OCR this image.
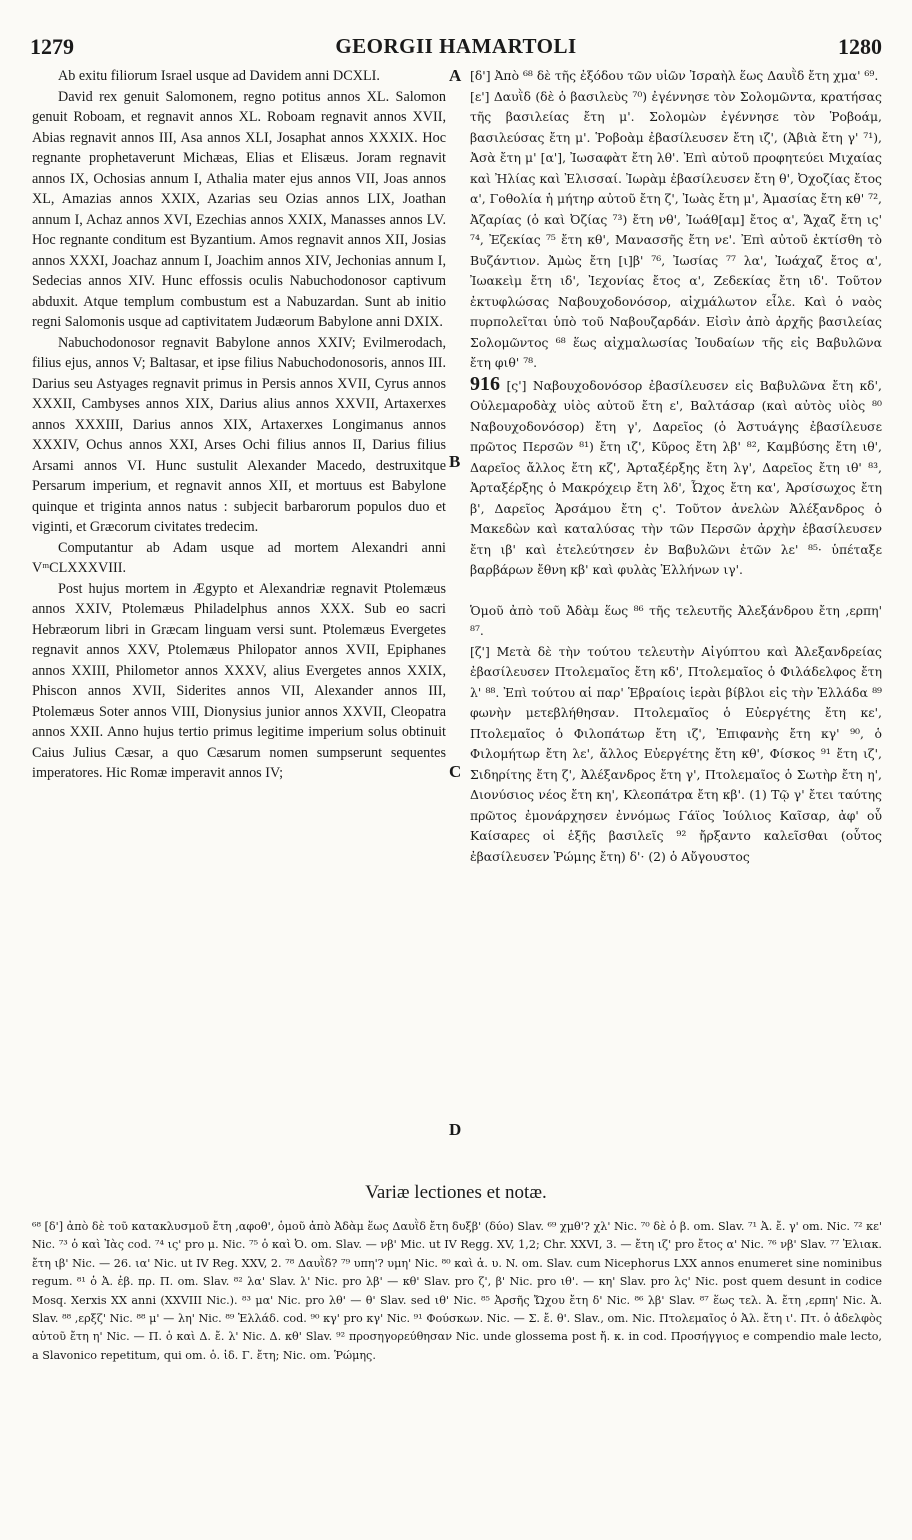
1279	GEORGII HAMARTOLI	1280

Ab exitu filiorum Israel usque ad Davidem anni DCXLI.

David rex genuit Salomonem, regno potitus annos XL. Salomon genuit Roboam, et regnavit annos XL. Roboam regnavit annos XVII, Abias regnavit annos III, Asa annos XLI, Josaphat annos XXXIX. Hoc regnante prophetaverunt Michæas, Elias et Elisæus. Joram regnavit annos IX, Ochosias annum I, Athalia mater ejus annos VII, Joas annos XL, Amazias annos XXIX, Azarias seu Ozias annos LIX, Joathan annum I, Achaz annos XVI, Ezechias annos XXIX, Manasses annos LV. Hoc regnante conditum est Byzantium. Amos regnavit annos XII, Josias annos XXXI, Joachaz annum I, Joachim annos XIV, Jechonias annum I, Sedecias annos XIV. Hunc effossis oculis Nabuchodonosor captivum abduxit. Atque templum combustum est a Nabuzardan. Sunt ab initio regni Salomonis usque ad captivitatem Judæorum Babylone anni DXIX.

Nabuchodonosor regnavit Babylone annos XXIV; Evilmerodach, filius ejus, annos V; Baltasar, et ipse filius Nabuchodonosoris, annos III. Darius seu Astyages regnavit primus in Persis annos XVII, Cyrus annos XXXII, Cambyses annos XIX, Darius alius annos XXVII, Artaxerxes annos XXXIII, Darius annos XIX, Artaxerxes Longimanus annos XXXIV, Ochus annos XXI, Arses Ochi filius annos II, Darius filius Arsami annos VI. Hunc sustulit Alexander Macedo, destruxitque Persarum imperium, et regnavit annos XII, et mortuus est Babylone quinque et triginta annos natus : subjecit barbarorum populos duo et viginti, et Græcorum civitates tredecim.

Computantur ab Adam usque ad mortem Alexandri anni VᵐCLXXXVIII.

Post hujus mortem in Ægypto et Alexandriæ regnavit Ptolemæus annos XXIV, Ptolemæus Philadelphus annos XXX. Sub eo sacri Hebræorum libri in Græcam linguam versi sunt. Ptolemæus Evergetes regnavit annos XXV, Ptolemæus Philopator annos XVII, Epiphanes annos XXIII, Philometor annos XXXV, alius Evergetes annos XXIX, Phiscon annos XVII, Siderites annos VII, Alexander annos III, Ptolemæus Soter annos VIII, Dionysius junior annos XXVII, Cleopatra annos XXII. Anno hujus tertio primus legitime imperium solus obtinuit Caius Julius Cæsar, a quo Cæsarum nomen sumpserunt sequentes imperatores. Hic Romæ imperavit annos IV;

A
B
C
D

[δ'] Ἀπὸ ⁶⁸ δὲ τῆς ἐξόδου τῶν υἱῶν Ἰσραὴλ ἕως Δαυῒδ ἔτη χμα' ⁶⁹.

[ε'] Δαυῒδ (δὲ ὁ βασιλεὺς ⁷⁰) ἐγέννησε τὸν Σολομῶντα, κρατήσας τῆς βασιλείας ἔτη μ'. Σολομὼν ἐγέννησε τὸν Ῥοβοάμ, βασιλεύσας ἔτη μ'. Ῥοβοὰμ ἐβασίλευσεν ἔτη ιζ', (Ἀβιὰ ἔτη γ' ⁷¹), Ἀσὰ ἔτη μ' [α'], Ἰωσαφὰτ ἔτη λθ'. Ἐπὶ αὐτοῦ προφητεύει Μιχαίας καὶ Ἠλίας καὶ Ἐλισσαί. Ἰωρὰμ ἐβασίλευσεν ἔτη θ', Ὀχοζίας ἔτος α', Γοθολία ἡ μήτηρ αὐτοῦ ἔτη ζ', Ἰωὰς ἔτη μ', Ἀμασίας ἔτη κθ' ⁷², Ἀζαρίας (ὁ καὶ Ὀζίας ⁷³) ἔτη νθ', Ἰωάθ[αμ] ἔτος α', Ἄχαζ ἔτη ις' ⁷⁴, Ἐζεκίας ⁷⁵ ἔτη κθ', Μανασσῆς ἔτη νε'. Ἐπὶ αὐτοῦ ἐκτίσθη τὸ Βυζάντιον. Ἀμὼς ἔτη [ι]β' ⁷⁶, Ἰωσίας ⁷⁷ λα', Ἰωάχαζ ἔτος α', Ἰωακεὶμ ἔτη ιδ', Ἰεχονίας ἔτος α', Ζεδεκίας ἔτη ιδ'. Τοῦτον ἐκτυφλώσας Ναβουχοδονόσορ, αἰχμάλωτον εἷλε. Καὶ ὁ ναὸς πυρπολεῖται ὑπὸ τοῦ Ναβουζαρδάν. Εἰσὶν ἀπὸ ἀρχῆς βασιλείας Σολομῶντος ⁶⁸ ἕως αἰχμαλωσίας Ἰουδαίων τῆς εἰς Βαβυλῶνα ἔτη φιθ' ⁷⁸.

916 [ς'] Ναβουχοδονόσορ ἐβασίλευσεν εἰς Βαβυλῶνα ἔτη κδ', Οὐλεμαροδὰχ υἱὸς αὐτοῦ ἔτη ε', Βαλτάσαρ (καὶ αὐτὸς υἱὸς ⁸⁰ Ναβουχοδονόσορ) ἔτη γ', Δαρεῖος (ὁ Ἀστυάγης ἐβασίλευσε πρῶτος Περσῶν ⁸¹) ἔτη ιζ', Κῦρος ἔτη λβ' ⁸², Καμβύσης ἔτη ιθ', Δαρεῖος ἄλλος ἔτη κζ', Ἀρταξέρξης ἔτη λγ', Δαρεῖος ἔτη ιθ' ⁸³, Ἀρταξέρξης ὁ Μακρόχειρ ἔτη λδ', Ὦχος ἔτη κα', Ἀρσίσωχος ἔτη β', Δαρεῖος Ἀρσάμου ἔτη ς'. Τοῦτον ἀνελὼν Ἀλέξανδρος ὁ Μακεδὼν καὶ καταλύσας τὴν τῶν Περσῶν ἀρχὴν ἐβασίλευσεν ἔτη ιβ' καὶ ἐτελεύτησεν ἐν Βαβυλῶνι ἐτῶν λε' ⁸⁵· ὑπέταξε βαρβάρων ἔθνη κβ' καὶ φυλὰς Ἑλλήνων ιγ'.

Ὁμοῦ ἀπὸ τοῦ Ἀδὰμ ἕως ⁸⁶ τῆς τελευτῆς Ἀλεξάνδρου ἔτη ,ερπη' ⁸⁷.

[ζ'] Μετὰ δὲ τὴν τούτου τελευτὴν Αἰγύπτου καὶ Ἀλεξανδρείας ἐβασίλευσεν Πτολεμαῖος ἔτη κδ', Πτολεμαῖος ὁ Φιλάδελφος ἔτη λ' ⁸⁸. Ἐπὶ τούτου αἱ παρ' Ἑβραίοις ἱερὰι βίβλοι εἰς τὴν Ἑλλάδα ⁸⁹ φωνὴν μετεβλήθησαν. Πτολεμαῖος ὁ Εὐεργέτης ἔτη κε', Πτολεμαῖος ὁ Φιλοπάτωρ ἔτη ιζ', Ἐπιφανὴς ἔτη κγ' ⁹⁰, ὁ Φιλομήτωρ ἔτη λε', ἄλλος Εὐεργέτης ἔτη κθ', Φίσκος ⁹¹ ἔτη ιζ', Σιδηρίτης ἔτη ζ', Ἀλέξανδρος ἔτη γ', Πτολεμαῖος ὁ Σωτὴρ ἔτη η', Διονύσιος νέος ἔτη κη', Κλεοπάτρα ἔτη κβ'. (1) Τῷ γ' ἔτει ταύτης πρῶτος ἐμονάρχησεν ἐννόμως Γάϊος Ἰούλιος Καῖσαρ, ἀφ' οὗ Καίσαρες οἱ ἑξῆς βασιλεῖς ⁹² ἤρξαντο καλεῖσθαι (οὗτος ἐβασίλευσεν Ῥώμης ἔτη) δ'· (2) ὁ Αὔγουστος

Variæ lectiones et notæ.

⁶⁸ [δ'] ἀπὸ δὲ τοῦ κατακλυσμοῦ ἔτη ,αφοθ', ὁμοῦ ἀπὸ Ἀδὰμ ἕως Δαυῒδ ἔτη δυξβ' (δύο) Slav. ⁶⁹ χμθ'? χλ' Nic. ⁷⁰ δὲ ὁ β. om. Slav. ⁷¹ Ἀ. ἔ. γ' om. Nic. ⁷² κε' Nic. ⁷³ ὁ καὶ Ἰὰς cod. ⁷⁴ ις' pro μ. Nic. ⁷⁵ ὁ καὶ Ὀ. om. Slav. — νβ' Mic. ut IV Regg. XV, 1,2; Chr. XXVI, 3. — ἔτη ιζ' pro ἔτος α' Nic. ⁷⁶ νβ' Slav. ⁷⁷ Ἐλιακ. ἔτη ιβ' Nic. — 26. ια' Nic. ut IV Reg. XXV, 2. ⁷⁸ Δαυῒδ? ⁷⁹ υπη'? υμη' Nic. ⁸⁰ καὶ ἁ. υ. N. om. Slav. cum Nicephorus LXX annos enumeret sine nominibus regum. ⁸¹ ὁ Ἀ. ἐβ. πρ. Π. om. Slav. ⁸² λα' Slav. λ' Nic. pro λβ' — κθ' Slav. pro ζ', β' Nic. pro ιθ'. — κη' Slav. pro λς' Nic. post quem desunt in codice Mosq. Xerxis XX anni (XXVIII Nic.). ⁸³ μα' Nic. pro λθ' — θ' Slav. sed ιθ' Nic. ⁸⁵ Ἀρσῆς Ὤχου ἔτη δ' Nic. ⁸⁶ λβ' Slav. ⁸⁷ ἕως τελ. Ἀ. ἔτη ,ερπη' Nic. Ἀ. Slav. ⁸⁸ ,ερξζ' Nic. ⁸⁸ μ' — λη' Nic. ⁸⁹ Ἑλλάδ. cod. ⁹⁰ κγ' pro κγ' Nic. ⁹¹ Φούσκων. Nic. — Σ. ἔ. θ'. Slav., om. Nic. Πτολεμαῖος ὁ Ἀλ. ἔτη ι'. Πτ. ὁ ἀδελφὸς αὐτοῦ ἔτη η' Nic. — Π. ὁ καὶ Δ. ἔ. λ' Nic. Δ. κθ' Slav. ⁹² προσηγορεύθησαν Nic. unde glossema post ἤ. κ. in cod. Προσήγγιος e compendio male lecto, a Slavonico repetitum, qui om. ὁ. ἰδ. Γ. ἔτη; Nic. om. Ῥώμης.
